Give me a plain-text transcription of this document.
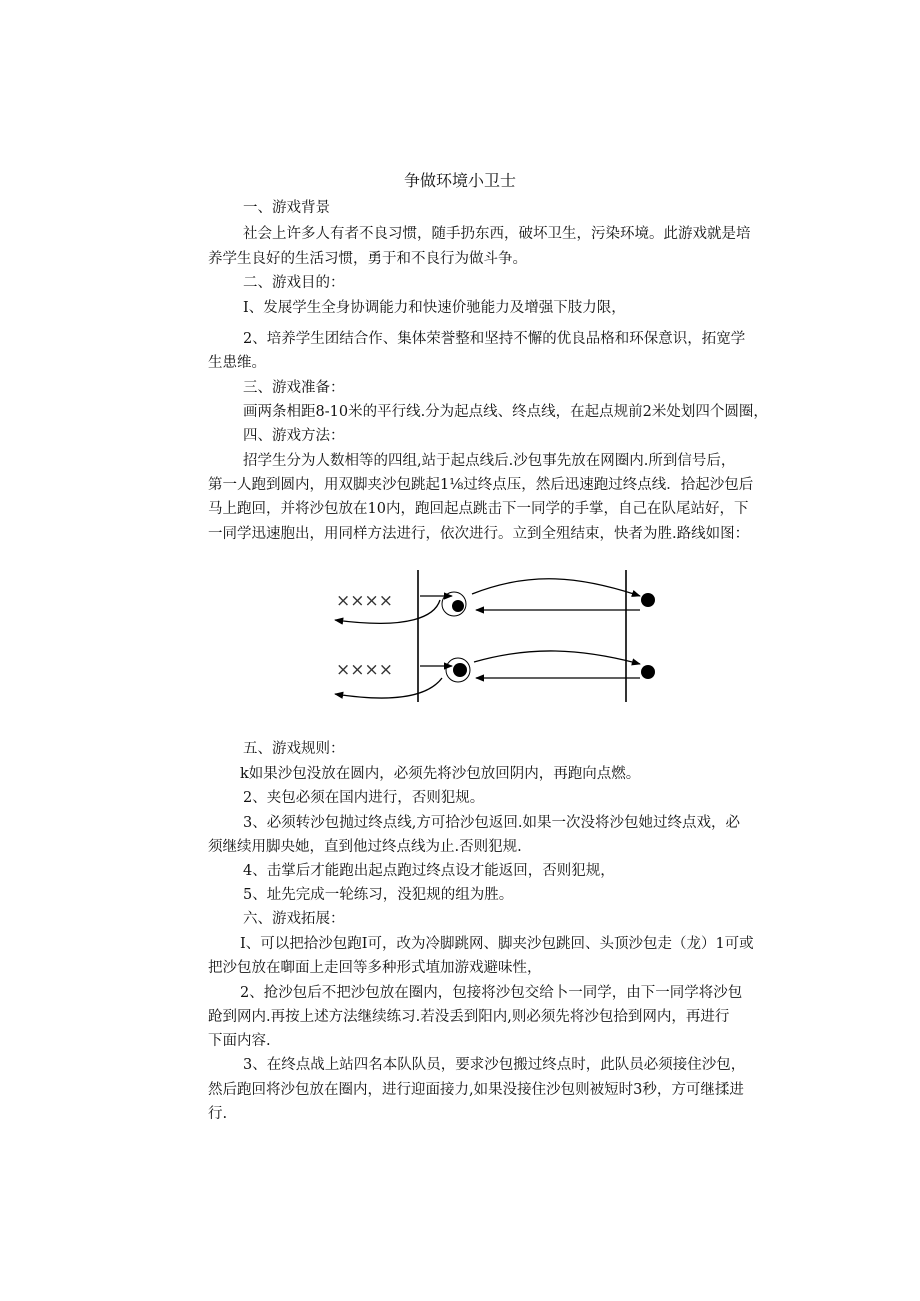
争做环境小卫士
一、游戏背景
社会上许多人有者不良习惯，随手扔东西，破坏卫生，污染环境。此游戏就是培
养学生良好的生活习惯，勇于和不良行为做斗争。
二、游戏目的：
I、发展学生全身协调能力和快速价驰能力及增强下肢力限，
2、培养学生团结合作、集体荣誉整和坚持不懈的优良品格和环保意识，拓宽学
生患维。
三、游戏准备：
画两条相距8-10米的平行线.分为起点线、终点线，在起点规前2米处划四个圆圈，
四、游戏方法：
招学生分为人数相等的四组,站于起点线后.沙包事先放在网圈内.所到信号后，
第一人跑到圆内，用双脚夹沙包跳起1⅛过终点压，然后迅速跑过终点线．拾起沙包后
马上跑回，并将沙包放在10内，跑回起点跳击下一同学的手掌，自己在队尾站好，下
一同学迅速胞出，用同样方法进行，依次进行。立到全殂结束，快者为胜.路线如图：
××××
××××
五、游戏规则：
k如果沙包没放在圆内，必须先将沙包放回阴内，再跑向点燃。
2、夹包必须在国内进行，否则犯规。
3、必须转沙包抛过终点线,方可拾沙包返回.如果一次没将沙包她过终点戏，必
须继续用脚央她，直到他过终点线为止.否则犯规.
4、击掌后才能跑出起点跑过终点设才能返回，否则犯规，
5、址先完成一轮练习，没犯规的组为胜。
六、游戏拓展：
I、可以把拾沙包跑I可，改为冷脚跳网、脚夹沙包跳回、头顶沙包走（龙）1可或
把沙包放在啣面上走回等多种形式埴加游戏避味性，
2、抢沙包后不把沙包放在圈内，包接将沙包交给卜一同学，由下一同学将沙包
跄到网内.再按上述方法继续练习.若没丢到阳内,则必须先将沙包拾到网内，再进行
下面内容.
3、在终点战上站四名本队队员，要求沙包搬过终点时，此队员必须接住沙包，
然后跑回将沙包放在圈内，进行迎面接力,如果没接住沙包则被短时3秒，方可继揉进
行.
